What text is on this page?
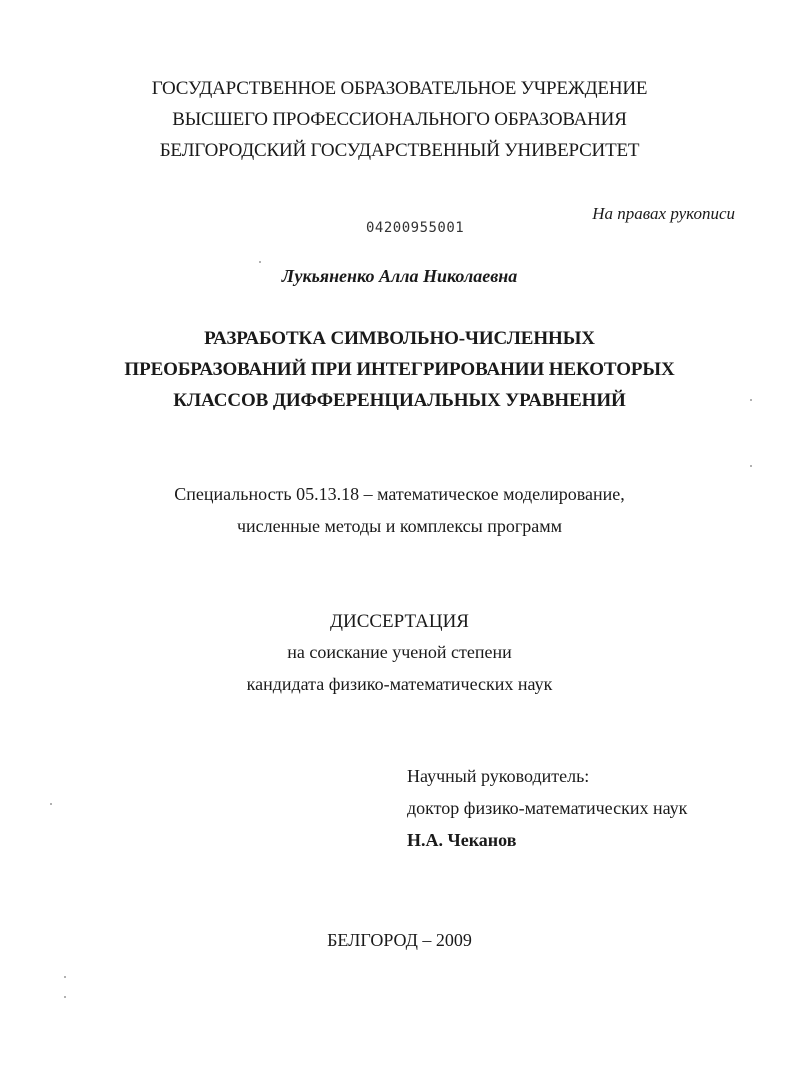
ГОСУДАРСТВЕННОЕ ОБРАЗОВАТЕЛЬНОЕ УЧРЕЖДЕНИЕ
ВЫСШЕГО ПРОФЕССИОНАЛЬНОГО ОБРАЗОВАНИЯ
БЕЛГОРОДСКИЙ ГОСУДАРСТВЕННЫЙ УНИВЕРСИТЕТ
На правах рукописи
04200955001
Лукьяненко Алла Николаевна
РАЗРАБОТКА СИМВОЛЬНО-ЧИСЛЕННЫХ
ПРЕОБРАЗОВАНИЙ ПРИ ИНТЕГРИРОВАНИИ НЕКОТОРЫХ
КЛАССОВ ДИФФЕРЕНЦИАЛЬНЫХ УРАВНЕНИЙ
Специальность 05.13.18 – математическое моделирование,
численные методы и комплексы программ
ДИССЕРТАЦИЯ
на соискание ученой степени
кандидата физико-математических наук
Научный руководитель:
доктор физико-математических наук
Н.А. Чеканов
БЕЛГОРОД – 2009
